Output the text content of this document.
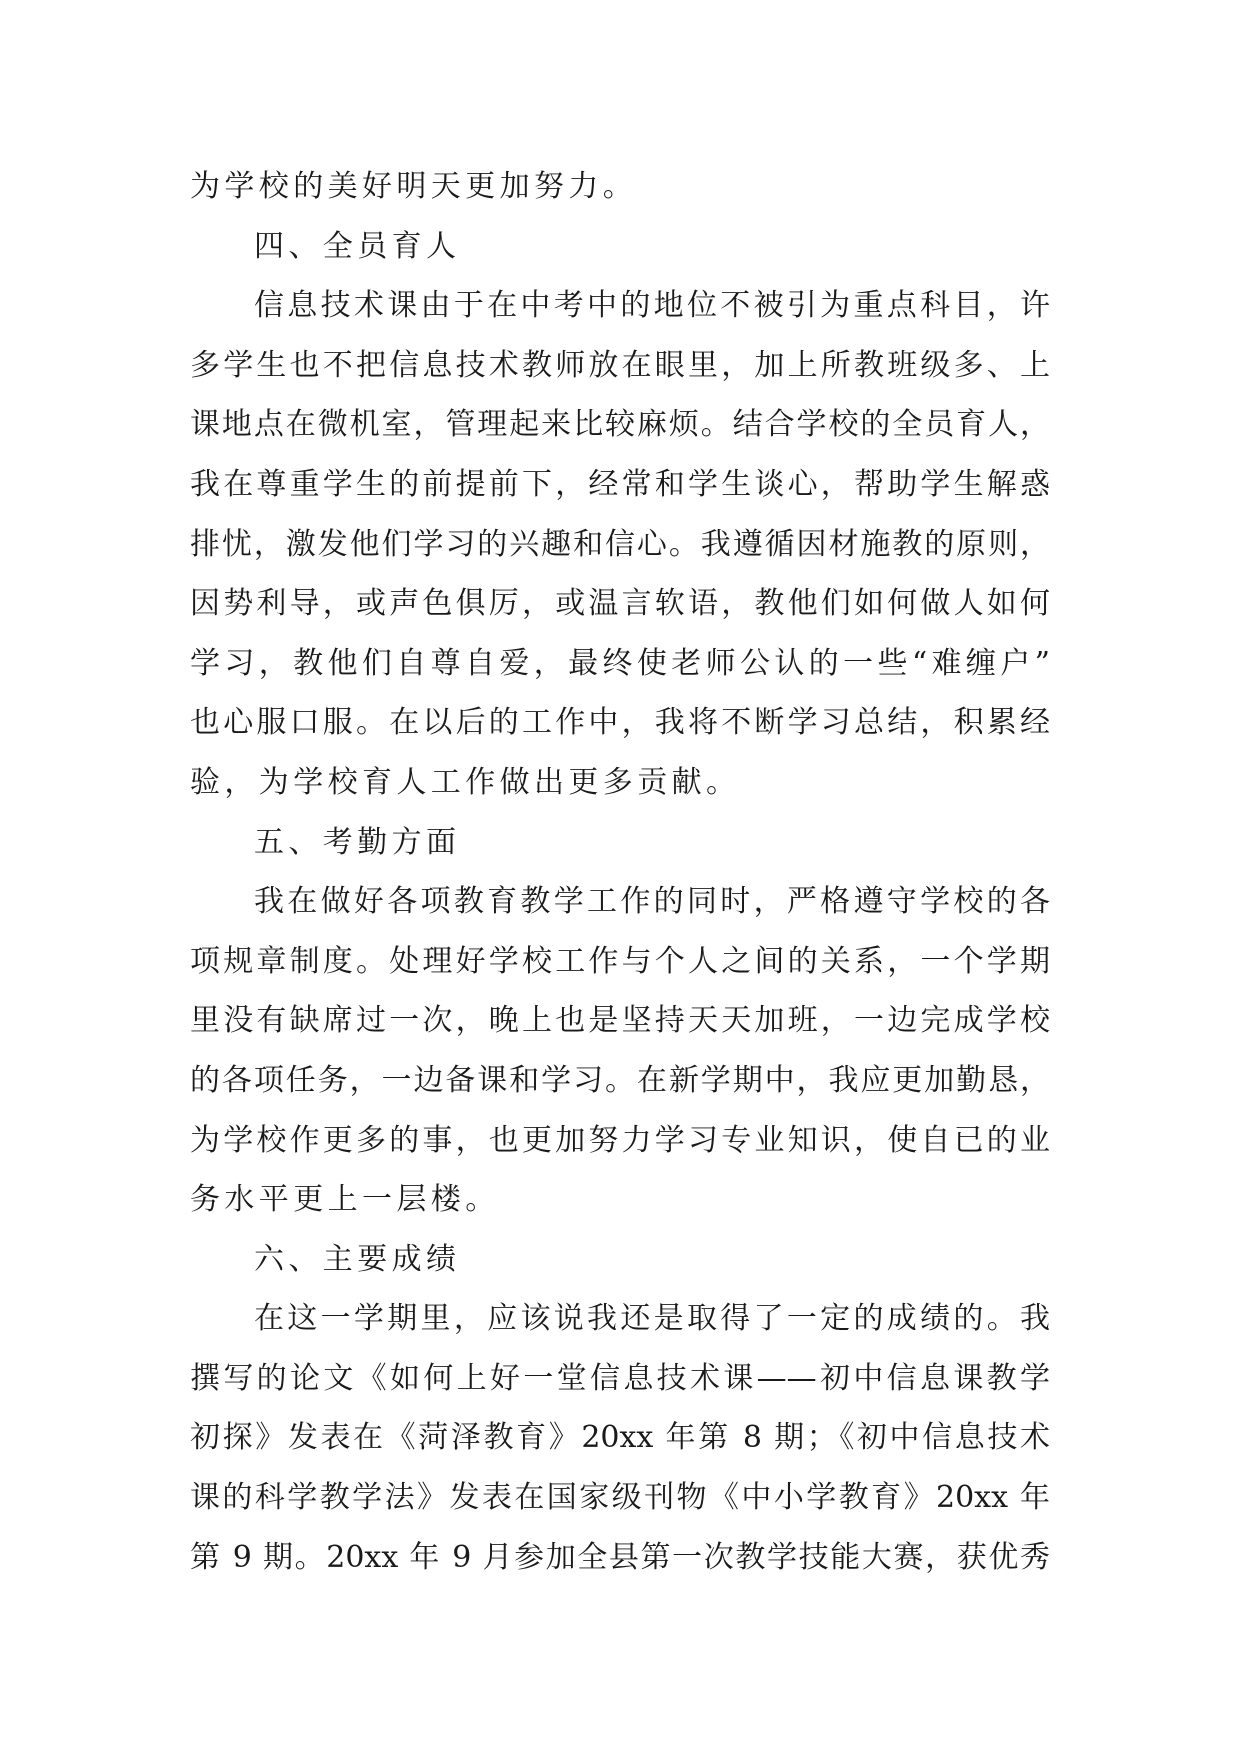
为学校的美好明天更加努力。
四、全员育人
信息技术课由于在中考中的地位不被引为重点科目，许
多学生也不把信息技术教师放在眼里，加上所教班级多、上
课地点在微机室，管理起来比较麻烦。结合学校的全员育人，
我在尊重学生的前提前下，经常和学生谈心，帮助学生解惑
排忧，激发他们学习的兴趣和信心。我遵循因材施教的原则，
因势利导，或声色俱厉，或温言软语，教他们如何做人如何
学习，教他们自尊自爱，最终使老师公认的一些“难缠户”
也心服口服。在以后的工作中，我将不断学习总结，积累经
验，为学校育人工作做出更多贡献。
五、考勤方面
我在做好各项教育教学工作的同时，严格遵守学校的各
项规章制度。处理好学校工作与个人之间的关系，一个学期
里没有缺席过一次，晚上也是坚持天天加班，一边完成学校
的各项任务，一边备课和学习。在新学期中，我应更加勤恳，
为学校作更多的事，也更加努力学习专业知识，使自已的业
务水平更上一层楼。
六、主要成绩
在这一学期里，应该说我还是取得了一定的成绩的。我
撰写的论文《如何上好一堂信息技术课——初中信息课教学
初探》发表在《菏泽教育》20xx 年第 8 期；《初中信息技术
课的科学教学法》发表在国家级刊物《中小学教育》20xx 年
第 9 期。20xx 年 9 月参加全县第一次教学技能大赛，获优秀
